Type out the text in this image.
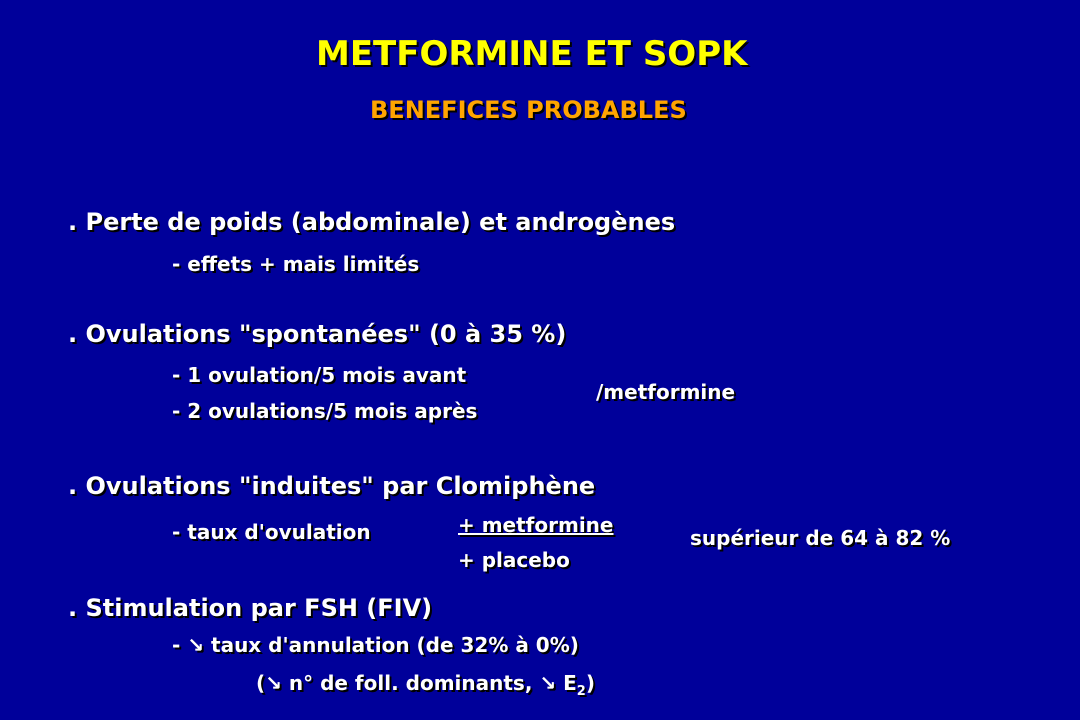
METFORMINE ET SOPK
BENEFICES PROBABLES
. Perte de poids (abdominale) et androgènes
- effets + mais limités
. Ovulations "spontanées" (0 à 35 %)
- 1 ovulation/5 mois avant
- 2 ovulations/5 mois après
/metformine
. Ovulations "induites" par Clomiphène
- taux d'ovulation	+ metformine
+ placebo
supérieur de 64 à 82 %
. Stimulation par FSH (FIV)
- ↘ taux d'annulation (de 32% à 0%)
(↘ n° de foll. dominants, ↘ $E_2$)
